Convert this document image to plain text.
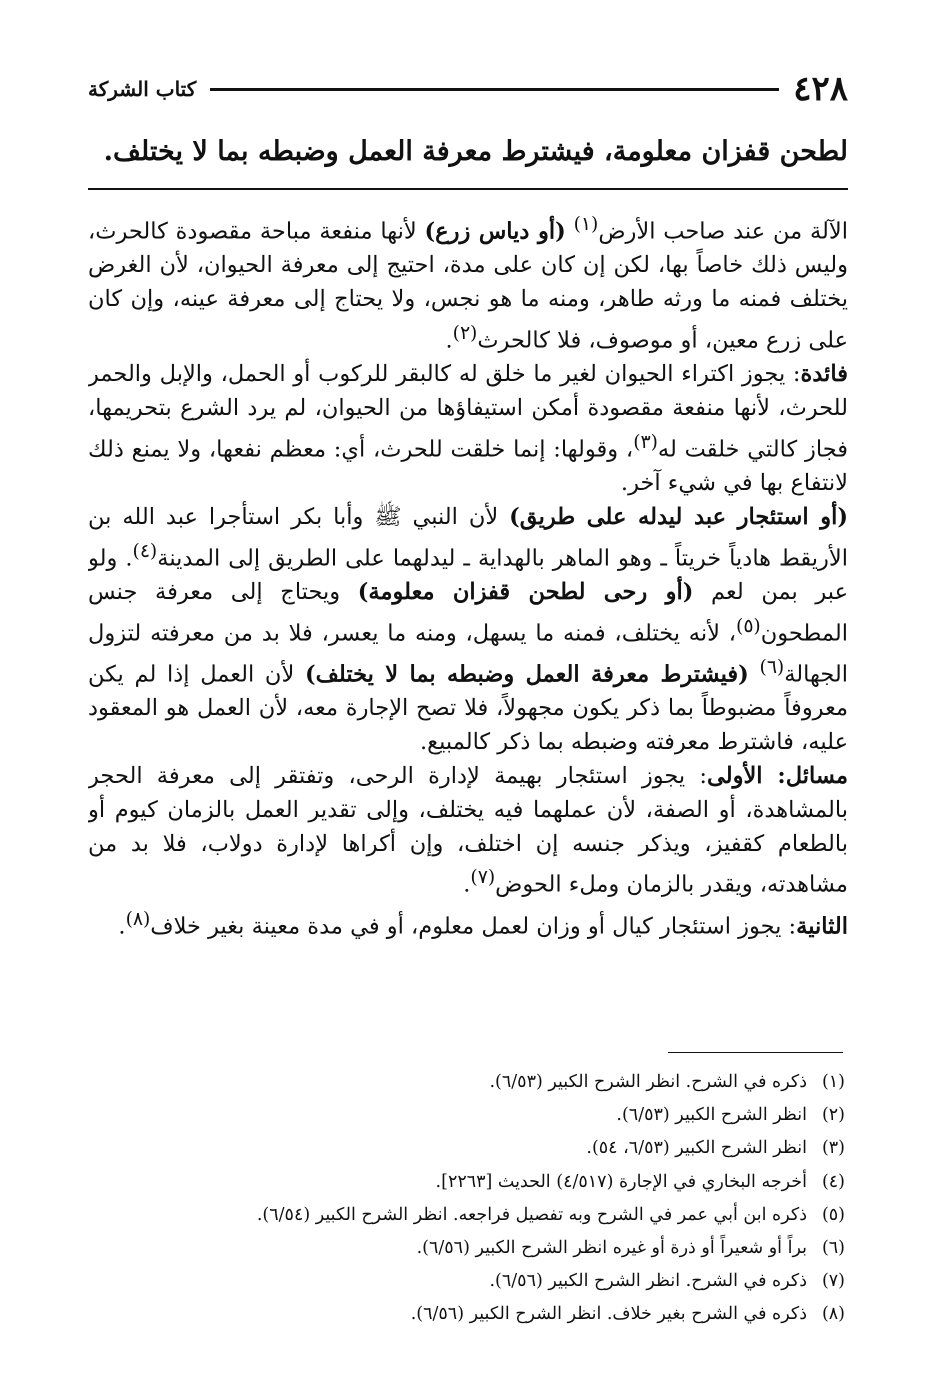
٤٢٨
كتاب الشركة
لطحن قفزان معلومة، فيشترط معرفة العمل وضبطه بما لا يختلف.

الآلة من عند صاحب الأرض$^{(١)}$ (أو دياس زرع) لأنها منفعة مباحة مقصودة كالحرث، وليس ذلك خاصاً بها، لكن إن كان على مدة، احتيج إلى معرفة الحيوان، لأن الغرض يختلف فمنه ما ورثه طاهر، ومنه ما هو نجس، ولا يحتاج إلى معرفة عينه، وإن كان على زرع معين، أو موصوف، فلا كالحرث$^{(٢)}$.

فائدة: يجوز اكتراء الحيوان لغير ما خلق له كالبقر للركوب أو الحمل، والإبل والحمر للحرث، لأنها منفعة مقصودة أمكن استيفاؤها من الحيوان، لم يرد الشرع بتحريمها، فجاز كالتي خلقت له$^{(٣)}$، وقولها: إنما خلقت للحرث، أي: معظم نفعها، ولا يمنع ذلك لانتفاع بها في شيء آخر.

(أو استئجار عبد ليدله على طريق) لأن النبي ﷺ وأبا بكر استأجرا عبد الله بن الأريقط هادياً خريتاً ـ وهو الماهر بالهداية ـ ليدلهما على الطريق إلى المدينة$^{(٤)}$. ولو عبر بمن لعم (أو رحى لطحن قفزان معلومة) ويحتاج إلى معرفة جنس المطحون$^{(٥)}$، لأنه يختلف، فمنه ما يسهل، ومنه ما يعسر، فلا بد من معرفته لتزول الجهالة$^{(٦)}$ (فيشترط معرفة العمل وضبطه بما لا يختلف) لأن العمل إذا لم يكن معروفاً مضبوطاً بما ذكر يكون مجهولاً، فلا تصح الإجارة معه، لأن العمل هو المعقود عليه، فاشترط معرفته وضبطه بما ذكر كالمبيع.

مسائل: الأولى: يجوز استئجار بهيمة لإدارة الرحى، وتفتقر إلى معرفة الحجر بالمشاهدة، أو الصفة، لأن عملهما فيه يختلف، وإلى تقدير العمل بالزمان كيوم أو بالطعام كقفيز، ويذكر جنسه إن اختلف، وإن أكراها لإدارة دولاب، فلا بد من مشاهدته، ويقدر بالزمان وملء الحوض$^{(٧)}$.

الثانية: يجوز استئجار كيال أو وزان لعمل معلوم، أو في مدة معينة بغير خلاف$^{(٨)}$.

(١)
ذكره في الشرح. انظر الشرح الكبير (٦/٥٣).
(٢)
انظر الشرح الكبير (٦/٥٣).
(٣)
انظر الشرح الكبير (٦/٥٣، ٥٤).
(٤)
أخرجه البخاري في الإجارة (٤/٥١٧) الحديث [٢٢٦٣].
(٥)
ذكره ابن أبي عمر في الشرح وبه تفصيل فراجعه. انظر الشرح الكبير (٦/٥٤).
(٦)
براً أو شعيراً أو ذرة أو غيره انظر الشرح الكبير (٦/٥٦).
(٧)
ذكره في الشرح. انظر الشرح الكبير (٦/٥٦).
(٨)
ذكره في الشرح بغير خلاف. انظر الشرح الكبير (٦/٥٦).
